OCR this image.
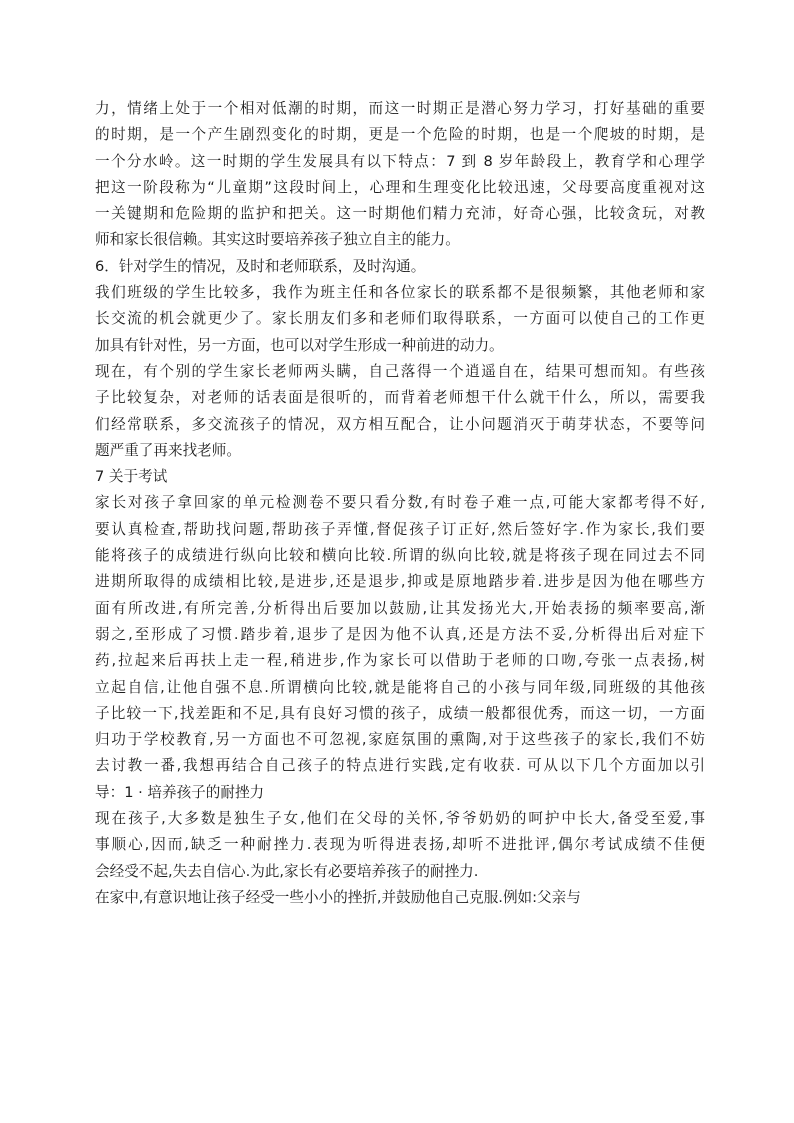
力，情绪上处于一个相对低潮的时期，而这一时期正是潜心努力学习，打好基础的重要
的时期，是一个产生剧烈变化的时期，更是一个危险的时期，也是一个爬坡的时期，是
一个分水岭。这一时期的学生发展具有以下特点：7 到 8 岁年龄段上，教育学和心理学
把这一阶段称为“儿童期”这段时间上，心理和生理变化比较迅速，父母要高度重视对这
一关键期和危险期的监护和把关。这一时期他们精力充沛，好奇心强，比较贪玩，对教
师和家长很信赖。其实这时要培养孩子独立自主的能力。
6．针对学生的情况，及时和老师联系，及时沟通。
我们班级的学生比较多，我作为班主任和各位家长的联系都不是很频繁，其他老师和家
长交流的机会就更少了。家长朋友们多和老师们取得联系，一方面可以使自己的工作更
加具有针对性，另一方面，也可以对学生形成一种前进的动力。
现在，有个别的学生家长老师两头瞒，自己落得一个逍遥自在，结果可想而知。有些孩
子比较复杂，对老师的话表面是很听的，而背着老师想干什么就干什么，所以，需要我
们经常联系，多交流孩子的情况，双方相互配合，让小问题消灭于萌芽状态，不要等问
题严重了再来找老师。
7 关于考试
家长对孩子拿回家的单元检测卷不要只看分数,有时卷子难一点,可能大家都考得不好,
要认真检查,帮助找问题,帮助孩子弄懂,督促孩子订正好,然后签好字.作为家长,我们要
能将孩子的成绩进行纵向比较和横向比较.所谓的纵向比较,就是将孩子现在同过去不同
进期所取得的成绩相比较,是进步,还是退步,抑或是原地踏步着.进步是因为他在哪些方
面有所改进,有所完善,分析得出后要加以鼓励,让其发扬光大,开始表扬的频率要高,渐
弱之,至形成了习惯.踏步着,退步了是因为他不认真,还是方法不妥,分析得出后对症下
药,拉起来后再扶上走一程,稍进步,作为家长可以借助于老师的口吻,夸张一点表扬,树
立起自信,让他自强不息.所谓横向比较,就是能将自己的小孩与同年级,同班级的其他孩
子比较一下,找差距和不足,具有良好习惯的孩子，成绩一般都很优秀，而这一切，一方面
归功于学校教育,另一方面也不可忽视,家庭氛围的熏陶,对于这些孩子的家长,我们不妨
去讨教一番,我想再结合自己孩子的特点进行实践,定有收获. 可从以下几个方面加以引
导：1 · 培养孩子的耐挫力
现在孩子,大多数是独生子女,他们在父母的关怀,爷爷奶奶的呵护中长大,备受至爱,事
事顺心,因而,缺乏一种耐挫力.表现为听得进表扬,却听不进批评,偶尔考试成绩不佳便
会经受不起,失去自信心.为此,家长有必要培养孩子的耐挫力.
在家中,有意识地让孩子经受一些小小的挫折,并鼓励他自己克服.例如:父亲与
